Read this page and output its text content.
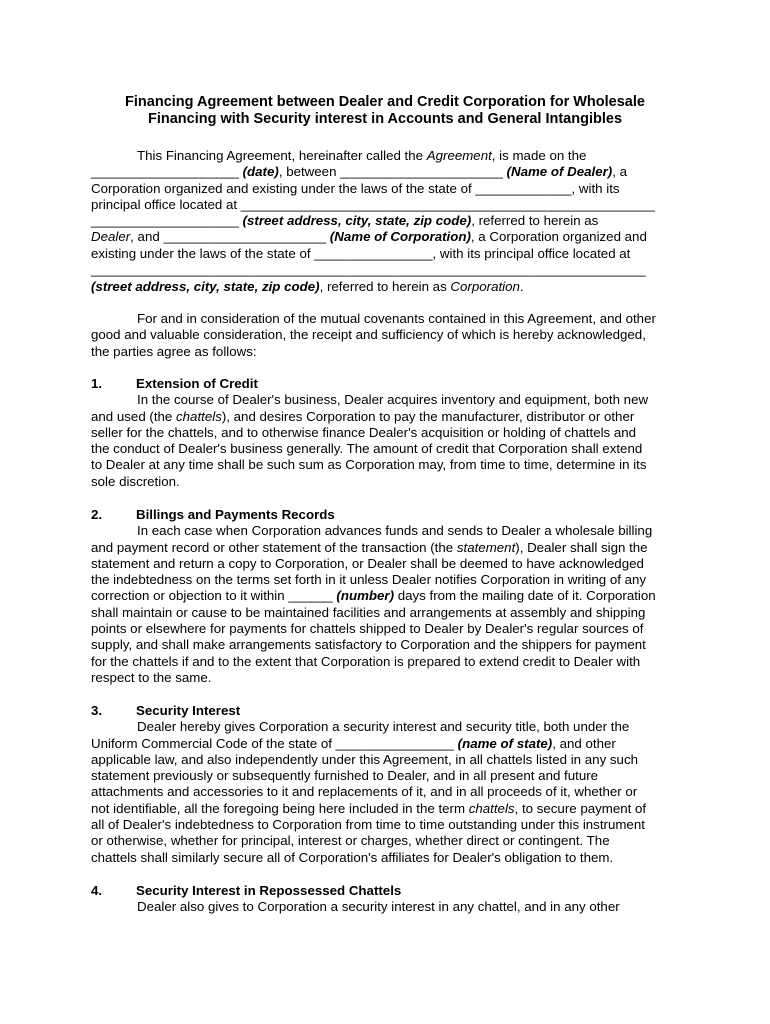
Financing Agreement between Dealer and Credit Corporation for Wholesale
Financing with Security interest in Accounts and General Intangibles
This Financing Agreement, hereinafter called the Agreement, is made on the
____________________ (date), between ______________________ (Name of Dealer), a
Corporation organized and existing under the laws of the state of _____________, with its
principal office located at ________________________________________________________
____________________ (street address, city, state, zip code), referred to herein as
Dealer, and ______________________ (Name of Corporation), a Corporation organized and
existing under the laws of the state of ________________, with its principal office located at
___________________________________________________________________________
(street address, city, state, zip code), referred to herein as Corporation.
For and in consideration of the mutual covenants contained in this Agreement, and other
good and valuable consideration, the receipt and sufficiency of which is hereby acknowledged,
the parties agree as follows:
1.	Extension of Credit
In the course of Dealer's business, Dealer acquires inventory and equipment, both new
and used (the chattels), and desires Corporation to pay the manufacturer, distributor or other
seller for the chattels, and to otherwise finance Dealer's acquisition or holding of chattels and
the conduct of Dealer's business generally. The amount of credit that Corporation shall extend
to Dealer at any time shall be such sum as Corporation may, from time to time, determine in its
sole discretion.
2.	Billings and Payments Records
In each case when Corporation advances funds and sends to Dealer a wholesale billing
and payment record or other statement of the transaction (the statement), Dealer shall sign the
statement and return a copy to Corporation, or Dealer shall be deemed to have acknowledged
the indebtedness on the terms set forth in it unless Dealer notifies Corporation in writing of any
correction or objection to it within ______ (number) days from the mailing date of it. Corporation
shall maintain or cause to be maintained facilities and arrangements at assembly and shipping
points or elsewhere for payments for chattels shipped to Dealer by Dealer's regular sources of
supply, and shall make arrangements satisfactory to Corporation and the shippers for payment
for the chattels if and to the extent that Corporation is prepared to extend credit to Dealer with
respect to the same.
3.	Security Interest
Dealer hereby gives Corporation a security interest and security title, both under the
Uniform Commercial Code of the state of ________________ (name of state), and other
applicable law, and also independently under this Agreement, in all chattels listed in any such
statement previously or subsequently furnished to Dealer, and in all present and future
attachments and accessories to it and replacements of it, and in all proceeds of it, whether or
not identifiable, all the foregoing being here included in the term chattels, to secure payment of
all of Dealer's indebtedness to Corporation from time to time outstanding under this instrument
or otherwise, whether for principal, interest or charges, whether direct or contingent. The
chattels shall similarly secure all of Corporation's affiliates for Dealer's obligation to them.
4.	Security Interest in Repossessed Chattels
Dealer also gives to Corporation a security interest in any chattel, and in any other
